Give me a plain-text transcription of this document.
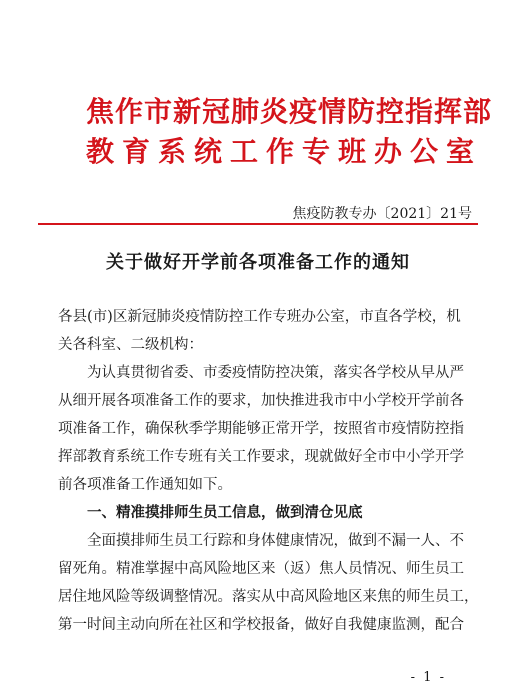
焦作市新冠肺炎疫情防控指挥部
教育系统工作专班办公室
焦疫防教专办〔2021〕21号
关于做好开学前各项准备工作的通知

各县(市)区新冠肺炎疫情防控工作专班办公室，市直各学校，机
关各科室、二级机构：

为认真贯彻省委、市委疫情防控决策，落实各学校从早从严
从细开展各项准备工作的要求，加快推进我市中小学校开学前各
项准备工作，确保秋季学期能够正常开学，按照省市疫情防控指
挥部教育系统工作专班有关工作要求，现就做好全市中小学开学
前各项准备工作通知如下。

一、精准摸排师生员工信息，做到清仓见底
全面摸排师生员工行踪和身体健康情况，做到不漏一人、不
留死角。精准掌握中高风险地区来（返）焦人员情况、师生员工
居住地风险等级调整情况。落实从中高风险地区来焦的师生员工，
第一时间主动向所在社区和学校报备，做好自我健康监测，配合

- 1 -
